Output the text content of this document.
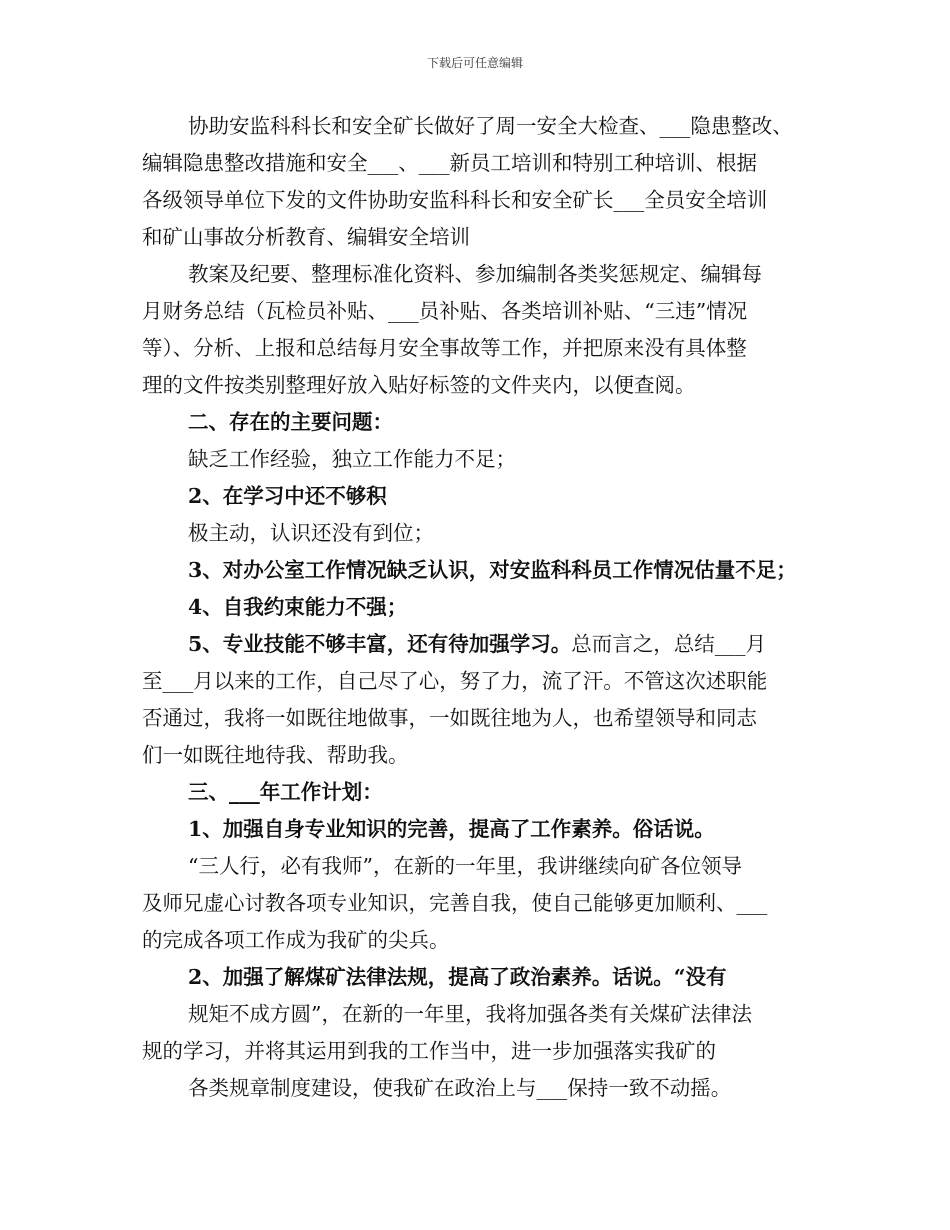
下载后可任意编辑
协助安监科科长和安全矿长做好了周一安全大检查、___隐患整改、
编辑隐患整改措施和安全___、___新员工培训和特别工种培训、根据
各级领导单位下发的文件协助安监科科长和安全矿长___全员安全培训
和矿山事故分析教育、编辑安全培训
教案及纪要、整理标准化资料、参加编制各类奖惩规定、编辑每
月财务总结（瓦检员补贴、___员补贴、各类培训补贴、“三违”情况
等）、分析、上报和总结每月安全事故等工作，并把原来没有具体整
理的文件按类别整理好放入贴好标签的文件夹内，以便查阅。
二、存在的主要问题：
缺乏工作经验，独立工作能力不足；
2、在学习中还不够积
极主动，认识还没有到位；
3、对办公室工作情况缺乏认识，对安监科科员工作情况估量不足；
4、自我约束能力不强；
5、专业技能不够丰富，还有待加强学习。总而言之，总结___月
至___月以来的工作，自己尽了心，努了力，流了汗。不管这次述职能
否通过，我将一如既往地做事，一如既往地为人，也希望领导和同志
们一如既往地待我、帮助我。
三、___年工作计划：
1、加强自身专业知识的完善，提高了工作素养。俗话说。
“三人行，必有我师”，在新的一年里，我讲继续向矿各位领导
及师兄虚心讨教各项专业知识，完善自我，使自己能够更加顺利、___
的完成各项工作成为我矿的尖兵。
2、加强了解煤矿法律法规，提高了政治素养。话说。“没有
规矩不成方圆”，在新的一年里，我将加强各类有关煤矿法律法
规的学习，并将其运用到我的工作当中，进一步加强落实我矿的
各类规章制度建设，使我矿在政治上与___保持一致不动摇。
